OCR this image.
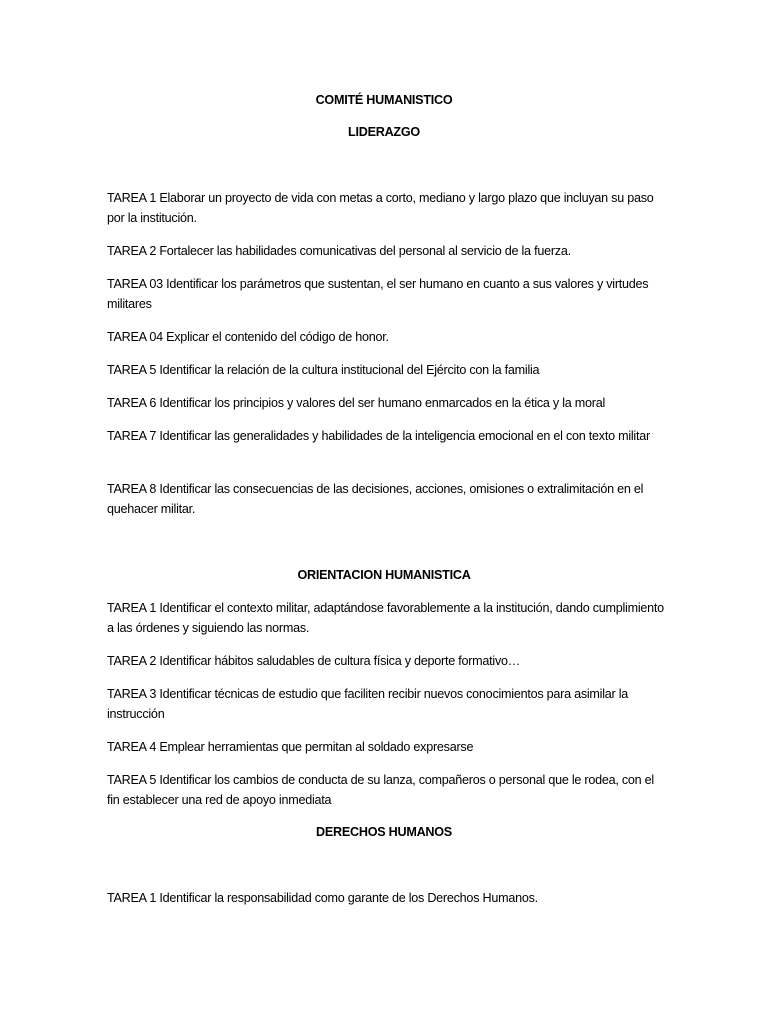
COMITÉ HUMANISTICO
LIDERAZGO
TAREA 1 Elaborar un proyecto de vida con metas a corto, mediano y largo plazo que incluyan su paso por la institución.
TAREA 2 Fortalecer las habilidades comunicativas del personal al servicio de la fuerza.
TAREA 03 Identificar los parámetros que sustentan, el ser humano en cuanto a sus valores y virtudes militares
TAREA 04 Explicar el contenido del código de honor.
TAREA 5 Identificar la relación de la cultura institucional del Ejército con la familia
TAREA 6 Identificar los principios y valores del ser humano enmarcados en la ética y la moral
TAREA 7 Identificar las generalidades y habilidades de la inteligencia emocional en el con texto militar
TAREA 8 Identificar las consecuencias de las decisiones, acciones, omisiones o extralimitación en el quehacer militar.
ORIENTACION HUMANISTICA
TAREA 1 Identificar el contexto militar, adaptándose favorablemente a la institución, dando cumplimiento a las órdenes y siguiendo las normas.
TAREA 2 Identificar hábitos saludables de cultura física y deporte formativo…
TAREA 3 Identificar técnicas de estudio que faciliten recibir nuevos conocimientos para asimilar la instrucción
TAREA 4 Emplear herramientas que permitan al soldado expresarse
TAREA 5 Identificar los cambios de conducta de su lanza, compañeros o personal que le rodea, con el fin establecer una red de apoyo inmediata
DERECHOS HUMANOS
TAREA 1 Identificar la responsabilidad como garante de los Derechos Humanos.
